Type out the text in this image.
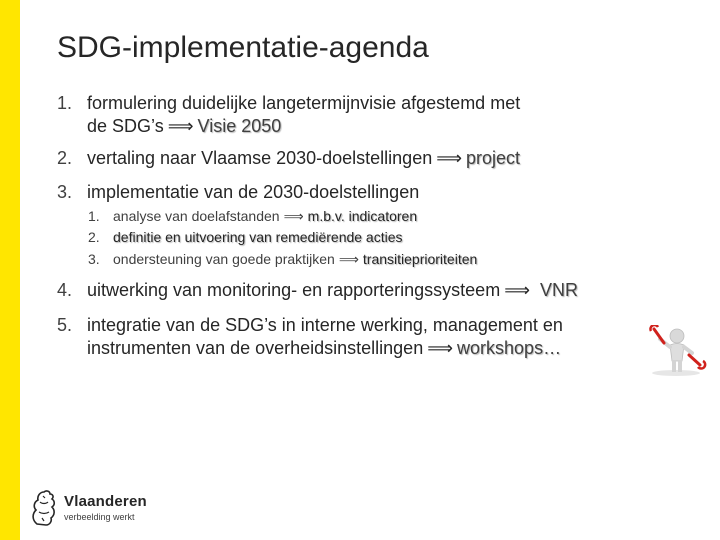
SDG-implementatie-agenda
1. formulering duidelijke langetermijnvisie afgestemd met
de SDG’s ⟹ Visie 2050
2. vertaling naar Vlaamse 2030-doelstellingen ⟹ project
3. implementatie van de 2030-doelstellingen
1. analyse van doelafstanden ⟹ m.b.v. indicatoren
2. definitie en uitvoering van remediërende acties
3. ondersteuning van goede praktijken ⟹ transitieprioriteiten
4. uitwerking van monitoring- en rapporteringssysteem ⟹ VNR
5. integratie van de SDG’s in interne werking, management en
instrumenten van de overheidsinstellingen ⟹ workshops…
Vlaanderen
verbeelding werkt
